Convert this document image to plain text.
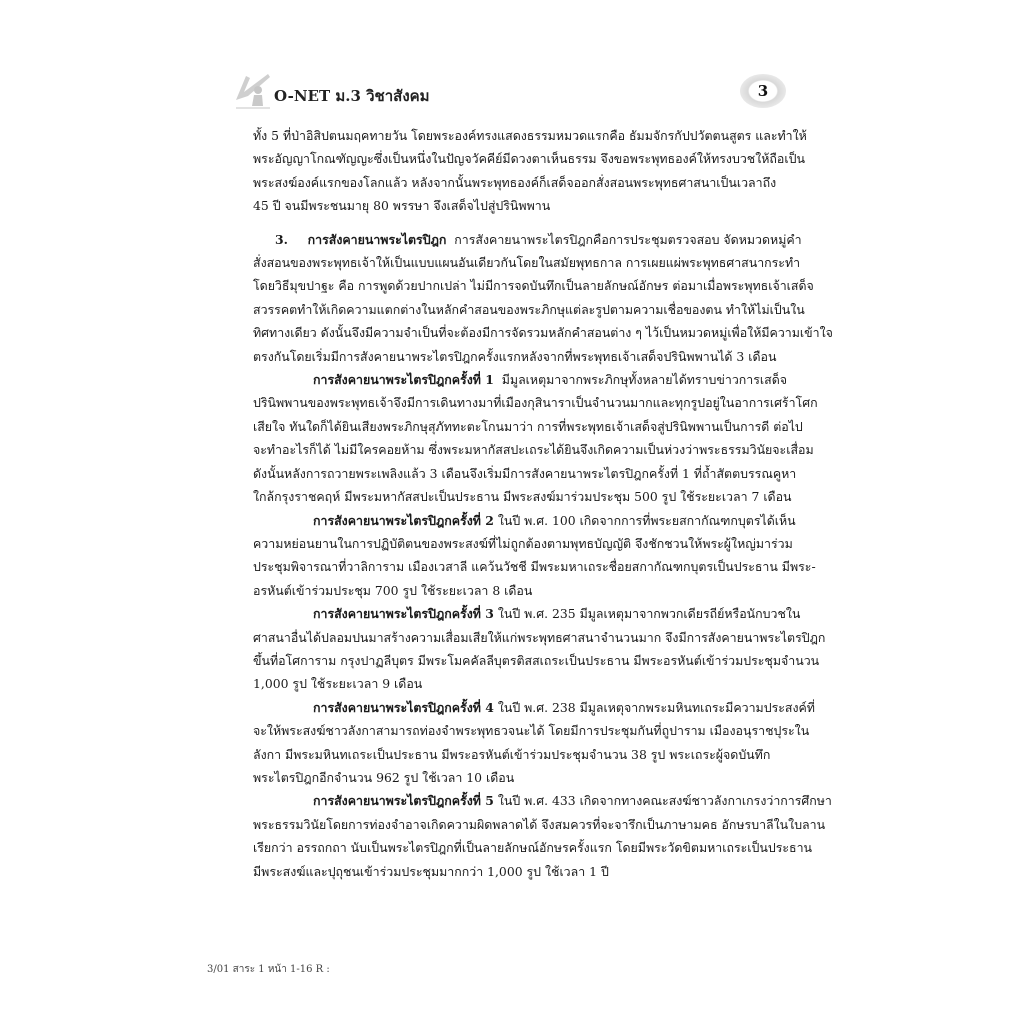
O-NET ม.3 วิชาสังคม	3
ทั้ง 5 ที่ป่าอิสิปตนมฤคทายวัน โดยพระองค์ทรงแสดงธรรมหมวดแรกคือ ธัมมจักรกัปปวัตตนสูตร และทำให้
พระอัญญาโกณฑัญญะซึ่งเป็นหนึ่งในปัญจวัคคีย์มีดวงตาเห็นธรรม จึงขอพระพุทธองค์ให้ทรงบวชให้ถือเป็น
พระสงฆ์องค์แรกของโลกแล้ว หลังจากนั้นพระพุทธองค์ก็เสด็จออกสั่งสอนพระพุทธศาสนาเป็นเวลาถึง
45 ปี จนมีพระชนมายุ 80 พรรษา จึงเสด็จไปสู่ปรินิพพาน
3. การสังคายนาพระไตรปิฎก การสังคายนาพระไตรปิฎกคือการประชุมตรวจสอบ จัดหมวดหมู่คำ
สั่งสอนของพระพุทธเจ้าให้เป็นแบบแผนอันเดียวกันโดยในสมัยพุทธกาล การเผยแผ่พระพุทธศาสนากระทำ
โดยวิธีมุขปาฐะ คือ การพูดด้วยปากเปล่า ไม่มีการจดบันทึกเป็นลายลักษณ์อักษร ต่อมาเมื่อพระพุทธเจ้าเสด็จ
สวรรคตทำให้เกิดความแตกต่างในหลักคำสอนของพระภิกษุแต่ละรูปตามความเชื่อของตน ทำให้ไม่เป็นใน
ทิศทางเดียว ดังนั้นจึงมีความจำเป็นที่จะต้องมีการจัดรวมหลักคำสอนต่าง ๆ ไว้เป็นหมวดหมู่เพื่อให้มีความเข้าใจ
ตรงกันโดยเริ่มมีการสังคายนาพระไตรปิฎกครั้งแรกหลังจากที่พระพุทธเจ้าเสด็จปรินิพพานได้ 3 เดือน
การสังคายนาพระไตรปิฎกครั้งที่ 1 มีมูลเหตุมาจากพระภิกษุทั้งหลายได้ทราบข่าวการเสด็จ
ปรินิพพานของพระพุทธเจ้าจึงมีการเดินทางมาที่เมืองกุสินาราเป็นจำนวนมากและทุกรูปอยู่ในอาการเศร้าโศก
เสียใจ ทันใดก็ได้ยินเสียงพระภิกษุสุภัททะตะโกนมาว่า การที่พระพุทธเจ้าเสด็จสู่ปรินิพพานเป็นการดี ต่อไป
จะทำอะไรก็ได้ ไม่มีใครคอยห้าม ซึ่งพระมหากัสสปะเถระได้ยินจึงเกิดความเป็นห่วงว่าพระธรรมวินัยจะเสื่อม
ดังนั้นหลังการถวายพระเพลิงแล้ว 3 เดือนจึงเริ่มมีการสังคายนาพระไตรปิฎกครั้งที่ 1 ที่ถ้ำสัตตบรรณคูหา
ใกล้กรุงราชคฤห์ มีพระมหากัสสปะเป็นประธาน มีพระสงฆ์มาร่วมประชุม 500 รูป ใช้ระยะเวลา 7 เดือน
การสังคายนาพระไตรปิฎกครั้งที่ 2 ในปี พ.ศ. 100 เกิดจากการที่พระยสกากัณฑกบุตรได้เห็น
ความหย่อนยานในการปฏิบัติตนของพระสงฆ์ที่ไม่ถูกต้องตามพุทธบัญญัติ จึงชักชวนให้พระผู้ใหญ่มาร่วม
ประชุมพิจารณาที่วาลิการาม เมืองเวสาลี แคว้นวัชชี มีพระมหาเถระชื่อยสกากัณฑกบุตรเป็นประธาน มีพระ-
อรหันต์เข้าร่วมประชุม 700 รูป ใช้ระยะเวลา 8 เดือน
การสังคายนาพระไตรปิฎกครั้งที่ 3 ในปี พ.ศ. 235 มีมูลเหตุมาจากพวกเดียรถีย์หรือนักบวชใน
ศาสนาอื่นได้ปลอมปนมาสร้างความเสื่อมเสียให้แก่พระพุทธศาสนาจำนวนมาก จึงมีการสังคายนาพระไตรปิฎก
ขึ้นที่อโศการาม กรุงปาฏลีบุตร มีพระโมคคัลลีบุตรติสสเถระเป็นประธาน มีพระอรหันต์เข้าร่วมประชุมจำนวน
1,000 รูป ใช้ระยะเวลา 9 เดือน
การสังคายนาพระไตรปิฎกครั้งที่ 4 ในปี พ.ศ. 238 มีมูลเหตุจากพระมหินทเถระมีความประสงค์ที่
จะให้พระสงฆ์ชาวลังกาสามารถท่องจำพระพุทธวจนะได้ โดยมีการประชุมกันที่ถูปาราม เมืองอนุราชปุระใน
ลังกา มีพระมหินทเถระเป็นประธาน มีพระอรหันต์เข้าร่วมประชุมจำนวน 38 รูป พระเถระผู้จดบันทึก
พระไตรปิฎกอีกจำนวน 962 รูป ใช้เวลา 10 เดือน
การสังคายนาพระไตรปิฎกครั้งที่ 5 ในปี พ.ศ. 433 เกิดจากทางคณะสงฆ์ชาวลังกาเกรงว่าการศึกษา
พระธรรมวินัยโดยการท่องจำอาจเกิดความผิดพลาดได้ จึงสมควรที่จะจารึกเป็นภาษามคธ อักษรบาลีในใบลาน
เรียกว่า อรรถกถา นับเป็นพระไตรปิฎกที่เป็นลายลักษณ์อักษรครั้งแรก โดยมีพระวัดขิตมหาเถระเป็นประธาน
มีพระสงฆ์และปุถุชนเข้าร่วมประชุมมากกว่า 1,000 รูป ใช้เวลา 1 ปี
3/01 สาระ 1 หน้า 1-16 R :
